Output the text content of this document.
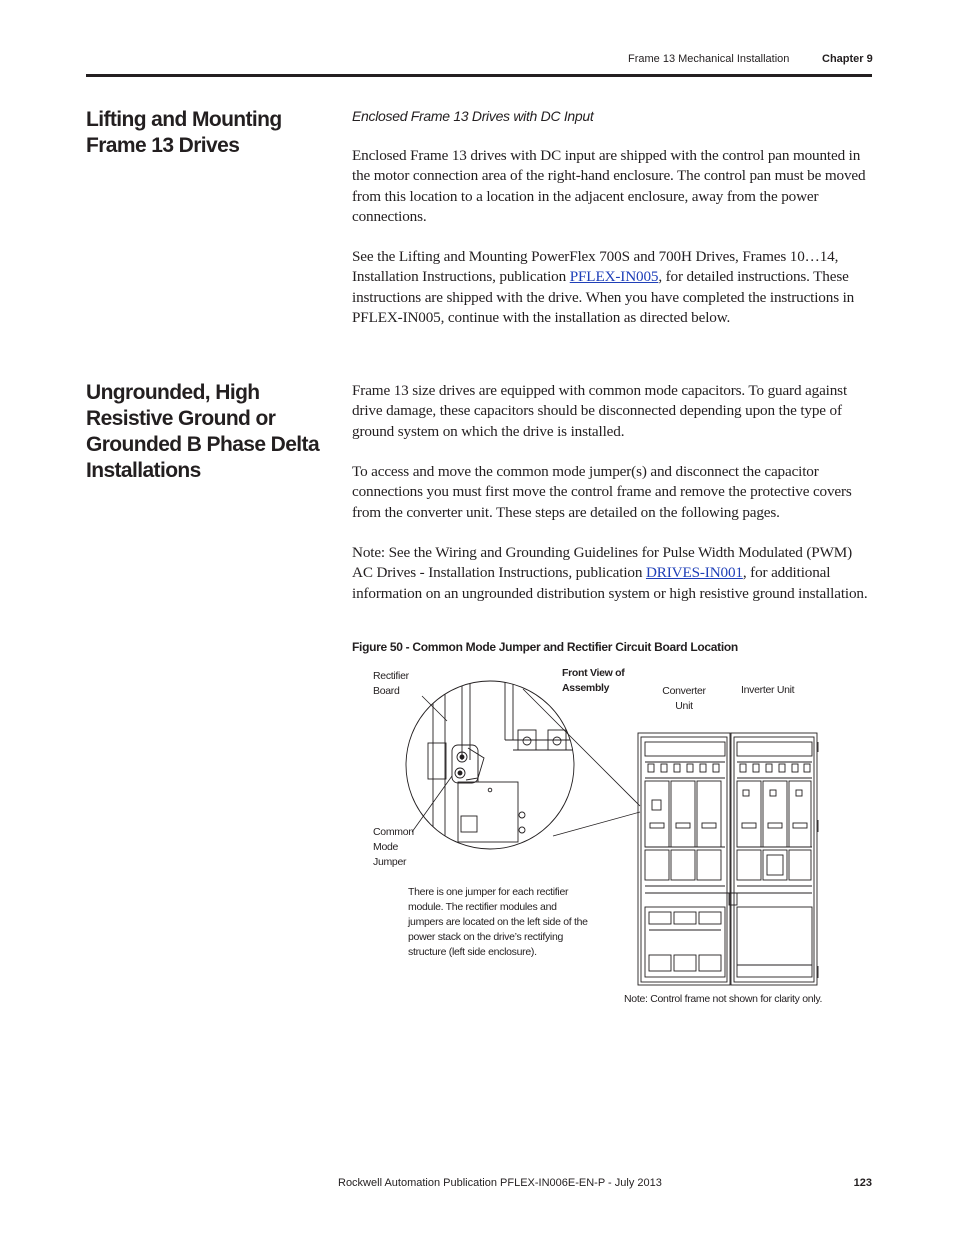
Frame 13 Mechanical Installation	Chapter 9
Lifting and Mounting Frame 13 Drives
Enclosed Frame 13 Drives with DC Input

Enclosed Frame 13 drives with DC input are shipped with the control pan mounted in the motor connection area of the right-hand enclosure. The control pan must be moved from this location to a location in the adjacent enclosure, away from the power connections.

See the Lifting and Mounting PowerFlex 700S and 700H Drives, Frames 10…14, Installation Instructions, publication PFLEX-IN005, for detailed instructions. These instructions are shipped with the drive. When you have completed the instructions in PFLEX-IN005, continue with the installation as directed below.

Ungrounded, High Resistive Ground or Grounded B Phase Delta Installations

Frame 13 size drives are equipped with common mode capacitors. To guard against drive damage, these capacitors should be disconnected depending upon the type of ground system on which the drive is installed.

To access and move the common mode jumper(s) and disconnect the capacitor connections you must first move the control frame and remove the protective covers from the converter unit. These steps are detailed on the following pages.

Note: See the Wiring and Grounding Guidelines for Pulse Width Modulated (PWM) AC Drives - Installation Instructions, publication DRIVES-IN001, for additional information on an ungrounded distribution system or high resistive ground installation.

Figure 50 - Common Mode Jumper and Rectifier Circuit Board Location
Rectifier Board
Front View of Assembly	Converter Unit
Inverter Unit
Common Mode Jumper
There is one jumper for each rectifier module. The rectifier modules and jumpers are located on the left side of the power stack on the drive’s rectifying structure (left side enclosure).
Note: Control frame not shown for clarity only.
Rockwell Automation Publication PFLEX-IN006E-EN-P - July 2013	123
